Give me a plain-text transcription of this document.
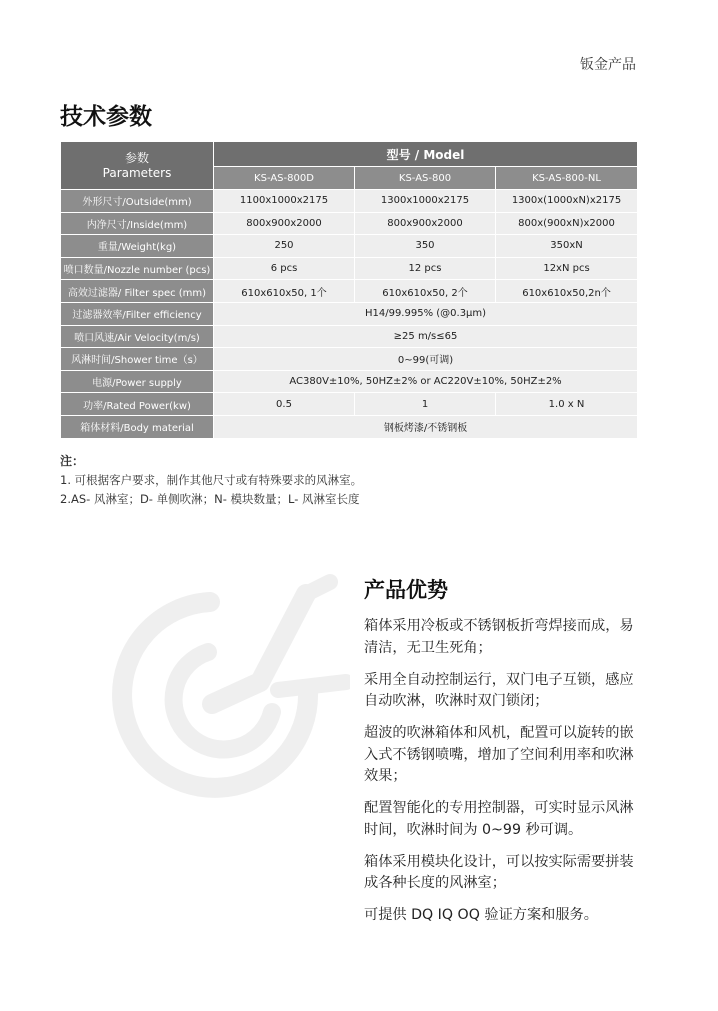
钣金产品
技术参数
参数
Parameters	型号 / Model		
	KS-AS-800D	KS-AS-800	KS-AS-800-NL
外形尺寸/Outside(mm)	1100x1000x2175	1300x1000x2175	1300x(1000xN)x2175
内净尺寸/Inside(mm)	800x900x2000	800x900x2000	800x(900xN)x2000
重量/Weight(kg)	250	350	350xN
喷口数量/Nozzle number (pcs)	6 pcs	12 pcs	12xN pcs
高效过滤器/ Filter spec (mm)	610x610x50, 1个	610x610x50, 2个	610x610x50,2n个
过滤器效率/Filter efficiency	H14/99.995% (@0.3μm)		
喷口风速/Air Velocity(m/s)	≥25 m/s≤65		
风淋时间/Shower time（s）	0~99(可调)		
电源/Power supply	AC380V±10%, 50HZ±2% or AC220V±10%, 50HZ±2%		
功率/Rated Power(kw)	0.5	1	1.0 x N
箱体材料/Body material	钢板烤漆/不锈钢板		
注：
1. 可根据客户要求，制作其他尺寸或有特殊要求的风淋室。
2.AS- 风淋室；D- 单侧吹淋；N- 模块数量；L- 风淋室长度
产品优势
箱体采用冷板或不锈钢板折弯焊接而成，易清洁，无卫生死角；
采用全自动控制运行，双门电子互锁，感应自动吹淋，吹淋时双门锁闭；
超波的吹淋箱体和风机，配置可以旋转的嵌入式不锈钢喷嘴，增加了空间利用率和吹淋效果；
配置智能化的专用控制器，可实时显示风淋时间，吹淋时间为 0~99 秒可调。
箱体采用模块化设计，可以按实际需要拼装成各种长度的风淋室；
可提供 DQ IQ OQ 验证方案和服务。
